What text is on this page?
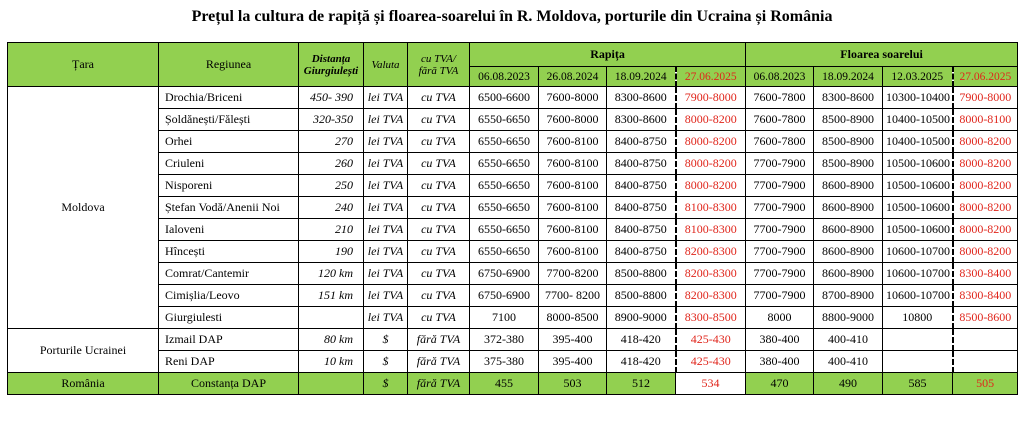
Prețul la cultura de rapiță și floarea-soarelui în R. Moldova, porturile din Ucraina și România
Țara	Regiunea	Distanța Giurgiulești	Valuta	cu TVA/ fără TVA	Rapița				Floarea soarelui			
					06.08.2023	26.08.2024	18.09.2024	27.06.2025	06.08.2023	18.09.2024	12.03.2025	27.06.2025
Moldova	Drochia/Briceni	450- 390	lei TVA	cu TVA	6500-6600	7600-8000	8300-8600	7900-8000	7600-7800	8300-8600	10300-10400	7900-8000
	Șoldănești/Fălești	320-350	lei TVA	cu TVA	6550-6650	7600-8000	8300-8600	8000-8200	7600-7800	8500-8900	10400-10500	8000-8100
	Orhei	270	lei TVA	cu TVA	6550-6650	7600-8100	8400-8750	8000-8200	7600-7800	8500-8900	10400-10500	8000-8200
	Criuleni	260	lei TVA	cu TVA	6550-6650	7600-8100	8400-8750	8000-8200	7700-7900	8500-8900	10500-10600	8000-8200
	Nisporeni	250	lei TVA	cu TVA	6550-6650	7600-8100	8400-8750	8000-8200	7700-7900	8600-8900	10500-10600	8000-8200
	Ștefan Vodă/Anenii Noi	240	lei TVA	cu TVA	6550-6650	7600-8100	8400-8750	8100-8300	7700-7900	8600-8900	10500-10600	8000-8200
	Ialoveni	210	lei TVA	cu TVA	6550-6650	7600-8100	8400-8750	8100-8300	7700-7900	8600-8900	10500-10600	8000-8200
	Hîncești	190	lei TVA	cu TVA	6550-6650	7600-8100	8400-8750	8200-8300	7700-7900	8600-8900	10600-10700	8000-8200
	Comrat/Cantemir	120 km	lei TVA	cu TVA	6750-6900	7700-8200	8500-8800	8200-8300	7700-7900	8600-8900	10600-10700	8300-8400
	Cimișlia/Leovo	151 km	lei TVA	cu TVA	6750-6900	7700- 8200	8500-8800	8200-8300	7700-7900	8700-8900	10600-10700	8300-8400
	Giurgiulesti		lei TVA	cu TVA	7100	8000-8500	8900-9000	8300-8500	8000	8800-9000	10800	8500-8600
Porturile Ucrainei	Izmail DAP	80 km	$	fără TVA	372-380	395-400	418-420	425-430	380-400	400-410		
	Reni DAP	10 km	$	fără TVA	375-380	395-400	418-420	425-430	380-400	400-410		
România	Constanța DAP		$	fără TVA	455	503	512	534	470	490	585	505
